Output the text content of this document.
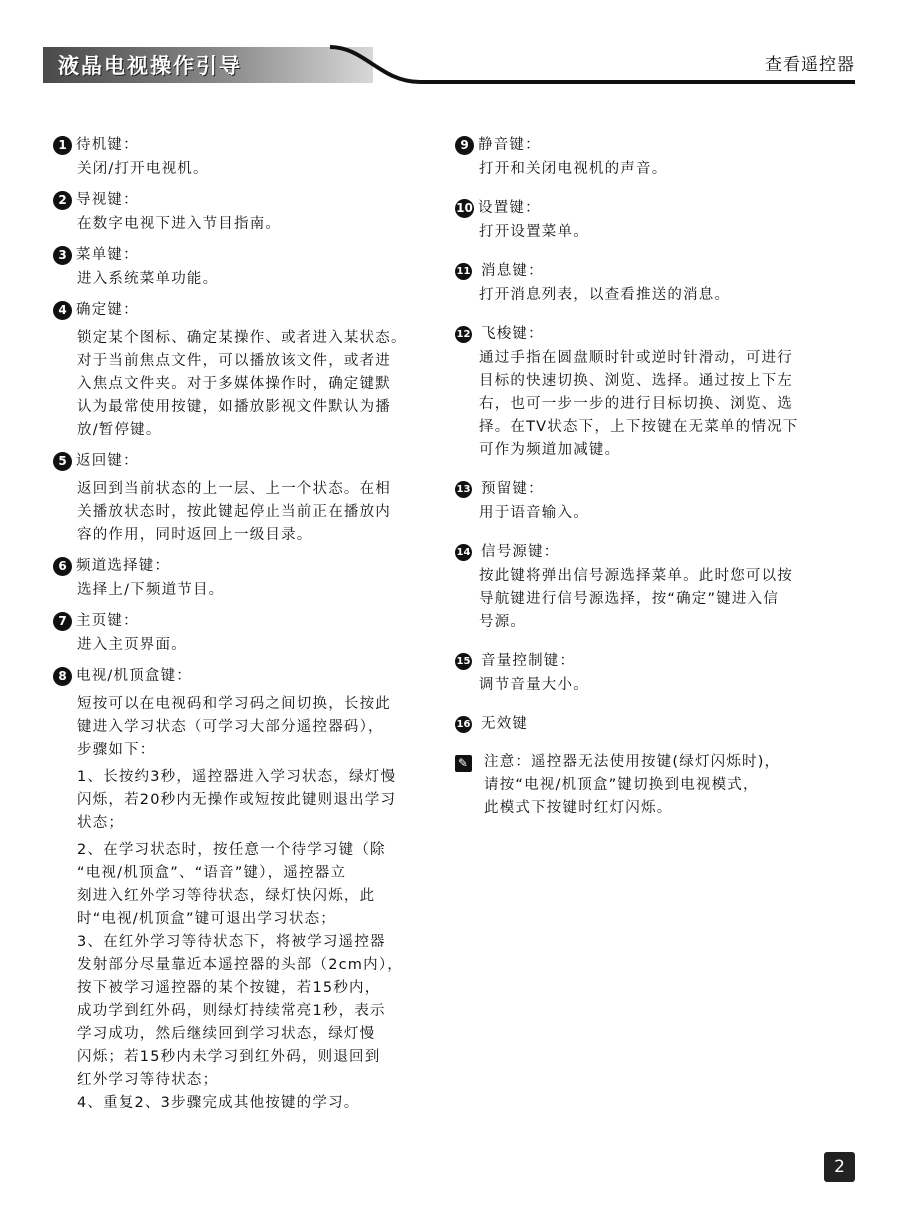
液晶电视操作引导	查看遥控器
1 待机键：

关闭/打开电视机。

2 导视键：

在数字电视下进入节目指南。

3 菜单键：

进入系统菜单功能。

4 确定键：

锁定某个图标、确定某操作、或者进入某状态。

对于当前焦点文件，可以播放该文件，或者进

入焦点文件夹。对于多媒体操作时，确定键默

认为最常使用按键，如播放影视文件默认为播

放/暂停键。

5 返回键：

返回到当前状态的上一层、上一个状态。在相

关播放状态时，按此键起停止当前正在播放内

容的作用，同时返回上一级目录。

6 频道选择键：

选择上/下频道节目。

7 主页键：

进入主页界面。

8 电视/机顶盒键：

短按可以在电视码和学习码之间切换，长按此

键进入学习状态（可学习大部分遥控器码），

步骤如下：

1、长按约3秒，遥控器进入学习状态，绿灯慢
闪烁，若20秒内无操作或短按此键则退出学习
状态；

2、在学习状态时，按任意一个待学习键（除
“电视/机顶盒”、“语音”键），遥控器立
刻进入红外学习等待状态，绿灯快闪烁，此
时“电视/机顶盒”键可退出学习状态；
3、在红外学习等待状态下，将被学习遥控器
发射部分尽量靠近本遥控器的头部（2cm内），
按下被学习遥控器的某个按键，若15秒内，
成功学到红外码，则绿灯持续常亮1秒，表示
学习成功，然后继续回到学习状态，绿灯慢
闪烁；若15秒内未学习到红外码，则退回到
红外学习等待状态；
4、重复2、3步骤完成其他按键的学习。

9 静音键：

打开和关闭电视机的声音。

10 设置键：

打开设置菜单。

11 消息键：

打开消息列表，以查看推送的消息。

12 飞梭键：

通过手指在圆盘顺时针或逆时针滑动，可进行

目标的快速切换、浏览、选择。通过按上下左

右，也可一步一步的进行目标切换、浏览、选

择。在TV状态下，上下按键在无菜单的情况下

可作为频道加减键。

13 预留键：

用于语音输入。

14 信号源键：

按此键将弹出信号源选择菜单。此时您可以按

导航键进行信号源选择，按“确定”键进入信

号源。

15 音量控制键：

调节音量大小。

16 无效键
✎ 注意：遥控器无法使用按键(绿灯闪烁时)，

请按“电视/机顶盒”键切换到电视模式，

此模式下按键时红灯闪烁。

2
